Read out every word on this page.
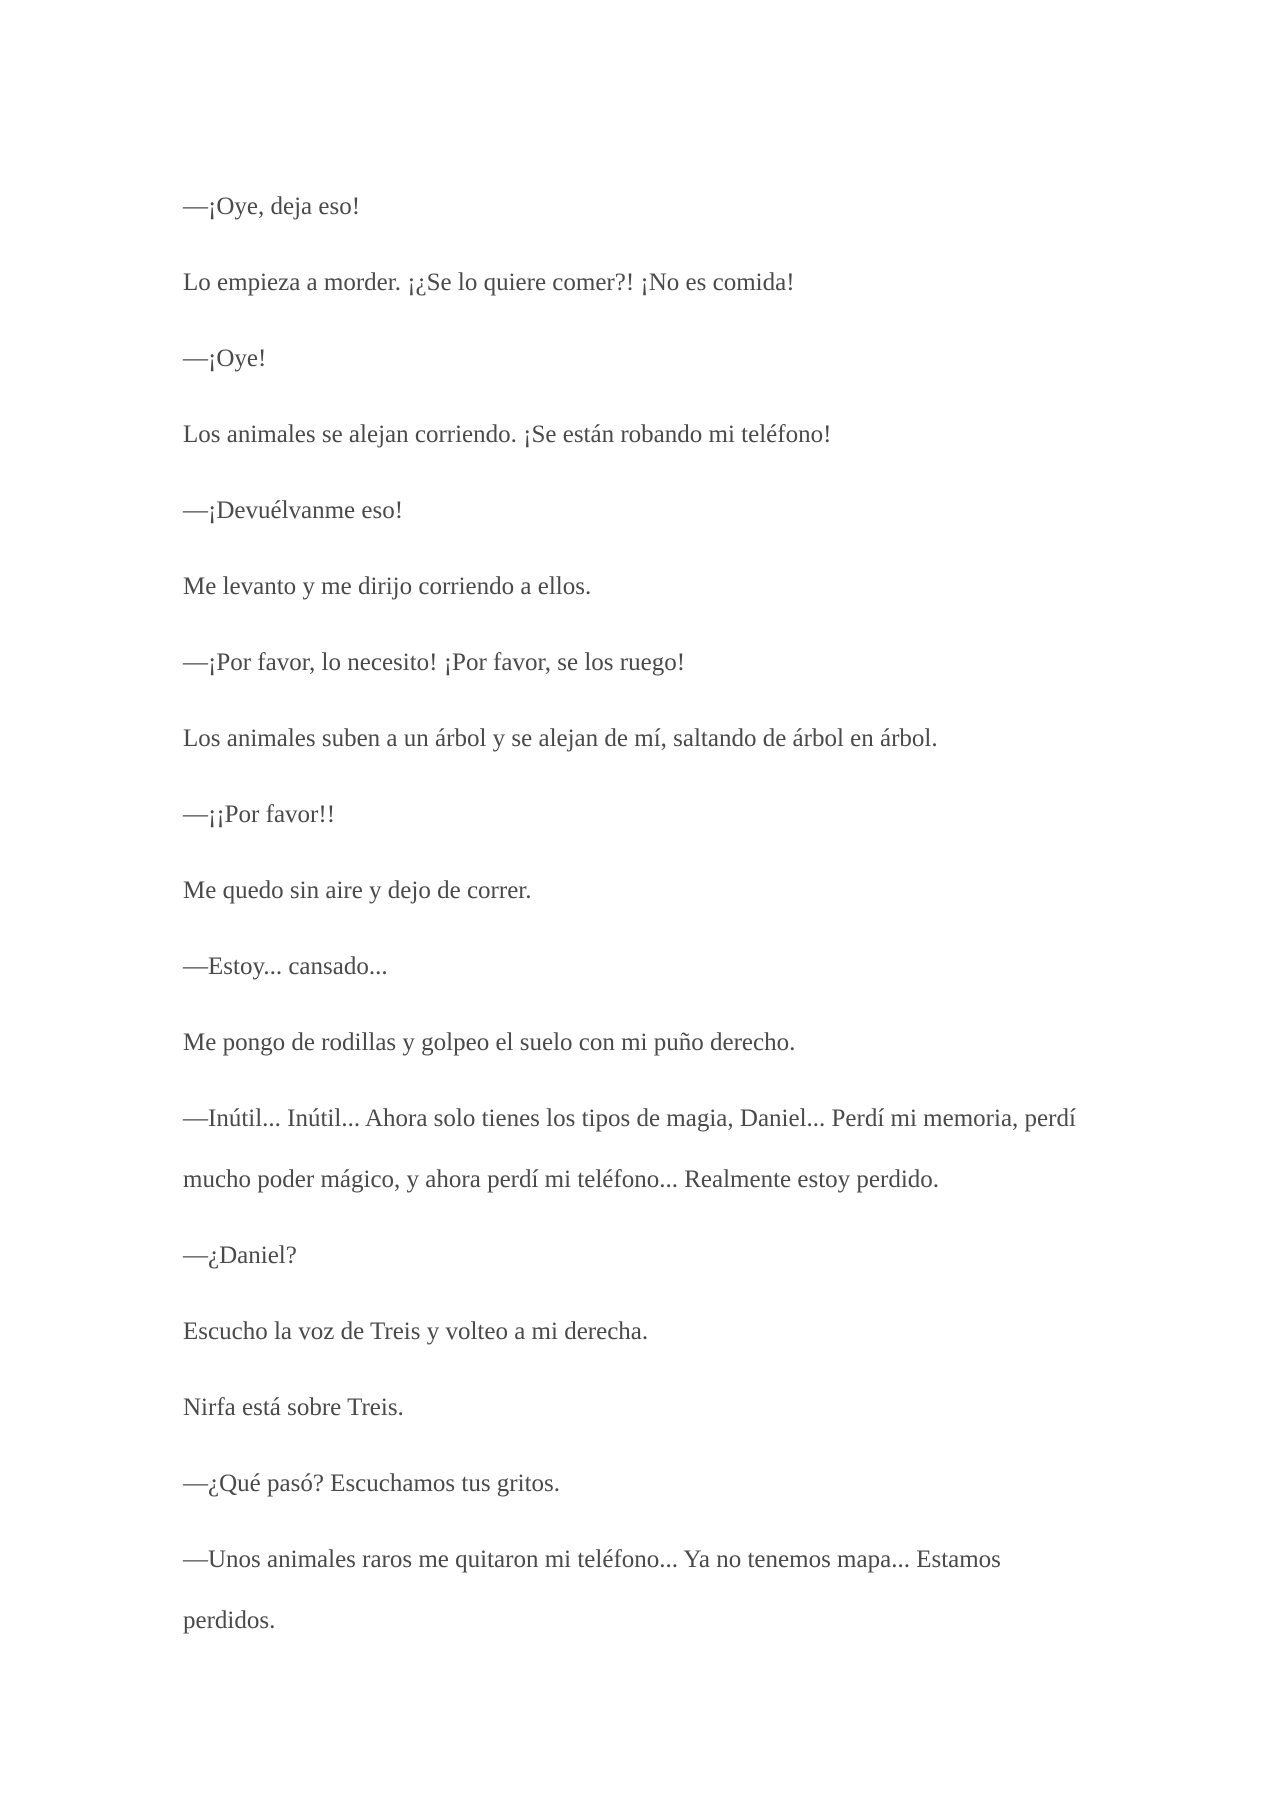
—¡Oye, deja eso!

Lo empieza a morder. ¡¿Se lo quiere comer?! ¡No es comida!

—¡Oye!

Los animales se alejan corriendo. ¡Se están robando mi teléfono!

—¡Devuélvanme eso!

Me levanto y me dirijo corriendo a ellos.

—¡Por favor, lo necesito! ¡Por favor, se los ruego!

Los animales suben a un árbol y se alejan de mí, saltando de árbol en árbol.

—¡¡Por favor!!

Me quedo sin aire y dejo de correr.

—Estoy... cansado...

Me pongo de rodillas y golpeo el suelo con mi puño derecho.

—Inútil... Inútil... Ahora solo tienes los tipos de magia, Daniel... Perdí mi memoria, perdí mucho poder mágico, y ahora perdí mi teléfono... Realmente estoy perdido.

—¿Daniel?

Escucho la voz de Treis y volteo a mi derecha.

Nirfa está sobre Treis.

—¿Qué pasó? Escuchamos tus gritos.

—Unos animales raros me quitaron mi teléfono... Ya no tenemos mapa... Estamos perdidos.
